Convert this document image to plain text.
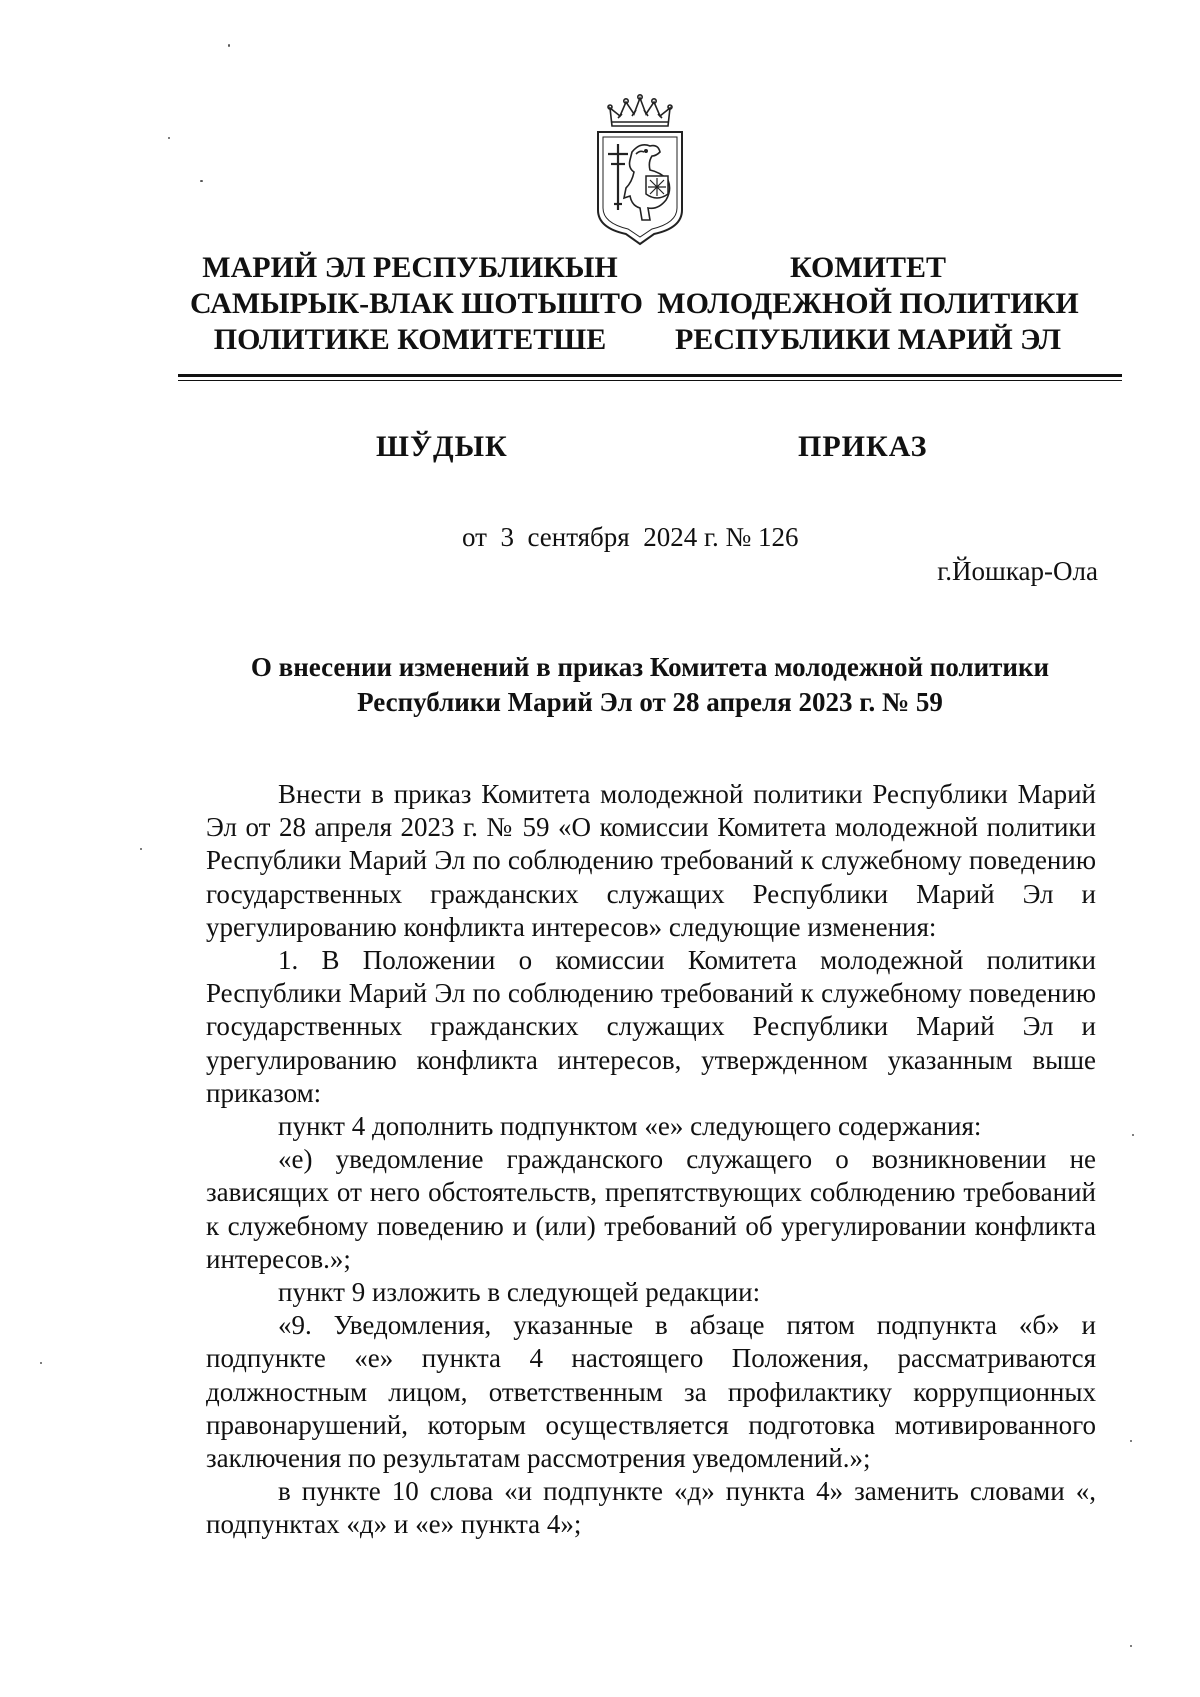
МАРИЙ ЭЛ РЕСПУБЛИКЫН
САМЫРЫК-ВЛАК ШОТЫШТО
ПОЛИТИКЕ КОМИТЕТШЕ
КОМИТЕТ
МОЛОДЕЖНОЙ ПОЛИТИКИ
РЕСПУБЛИКИ МАРИЙ ЭЛ
ШЎДЫК	ПРИКАЗ
от  3  сентября  2024 г. № 126
г.Йошкар-Ола
О внесении изменений в приказ Комитета молодежной политики
Республики Марий Эл от 28 апреля 2023 г. № 59

Внести в приказ Комитета молодежной политики Республики Марий Эл от 28 апреля 2023 г. № 59 «О комиссии Комитета молодежной политики Республики Марий Эл по соблюдению требований к служебному поведению государственных гражданских служащих Республики Марий Эл и урегулированию конфликта интересов» следующие изменения:

1. В Положении о комиссии Комитета молодежной политики Республики Марий Эл по соблюдению требований к служебному поведению государственных гражданских служащих Республики Марий Эл и урегулированию конфликта интересов, утвержденном указанным выше приказом:

пункт 4 дополнить подпунктом «е» следующего содержания:

«е) уведомление гражданского служащего о возникновении не зависящих от него обстоятельств, препятствующих соблюдению требований к служебному поведению и (или) требований об урегулировании конфликта интересов.»;

пункт 9 изложить в следующей редакции:

«9. Уведомления, указанные в абзаце пятом подпункта «б» и подпункте «е» пункта 4 настоящего Положения, рассматриваются должностным лицом, ответственным за профилактику коррупционных правонарушений, которым осуществляется подготовка мотивированного заключения по результатам рассмотрения уведомлений.»;

в пункте 10 слова «и подпункте «д» пункта 4» заменить словами «, подпунктах «д» и «е» пункта 4»;
